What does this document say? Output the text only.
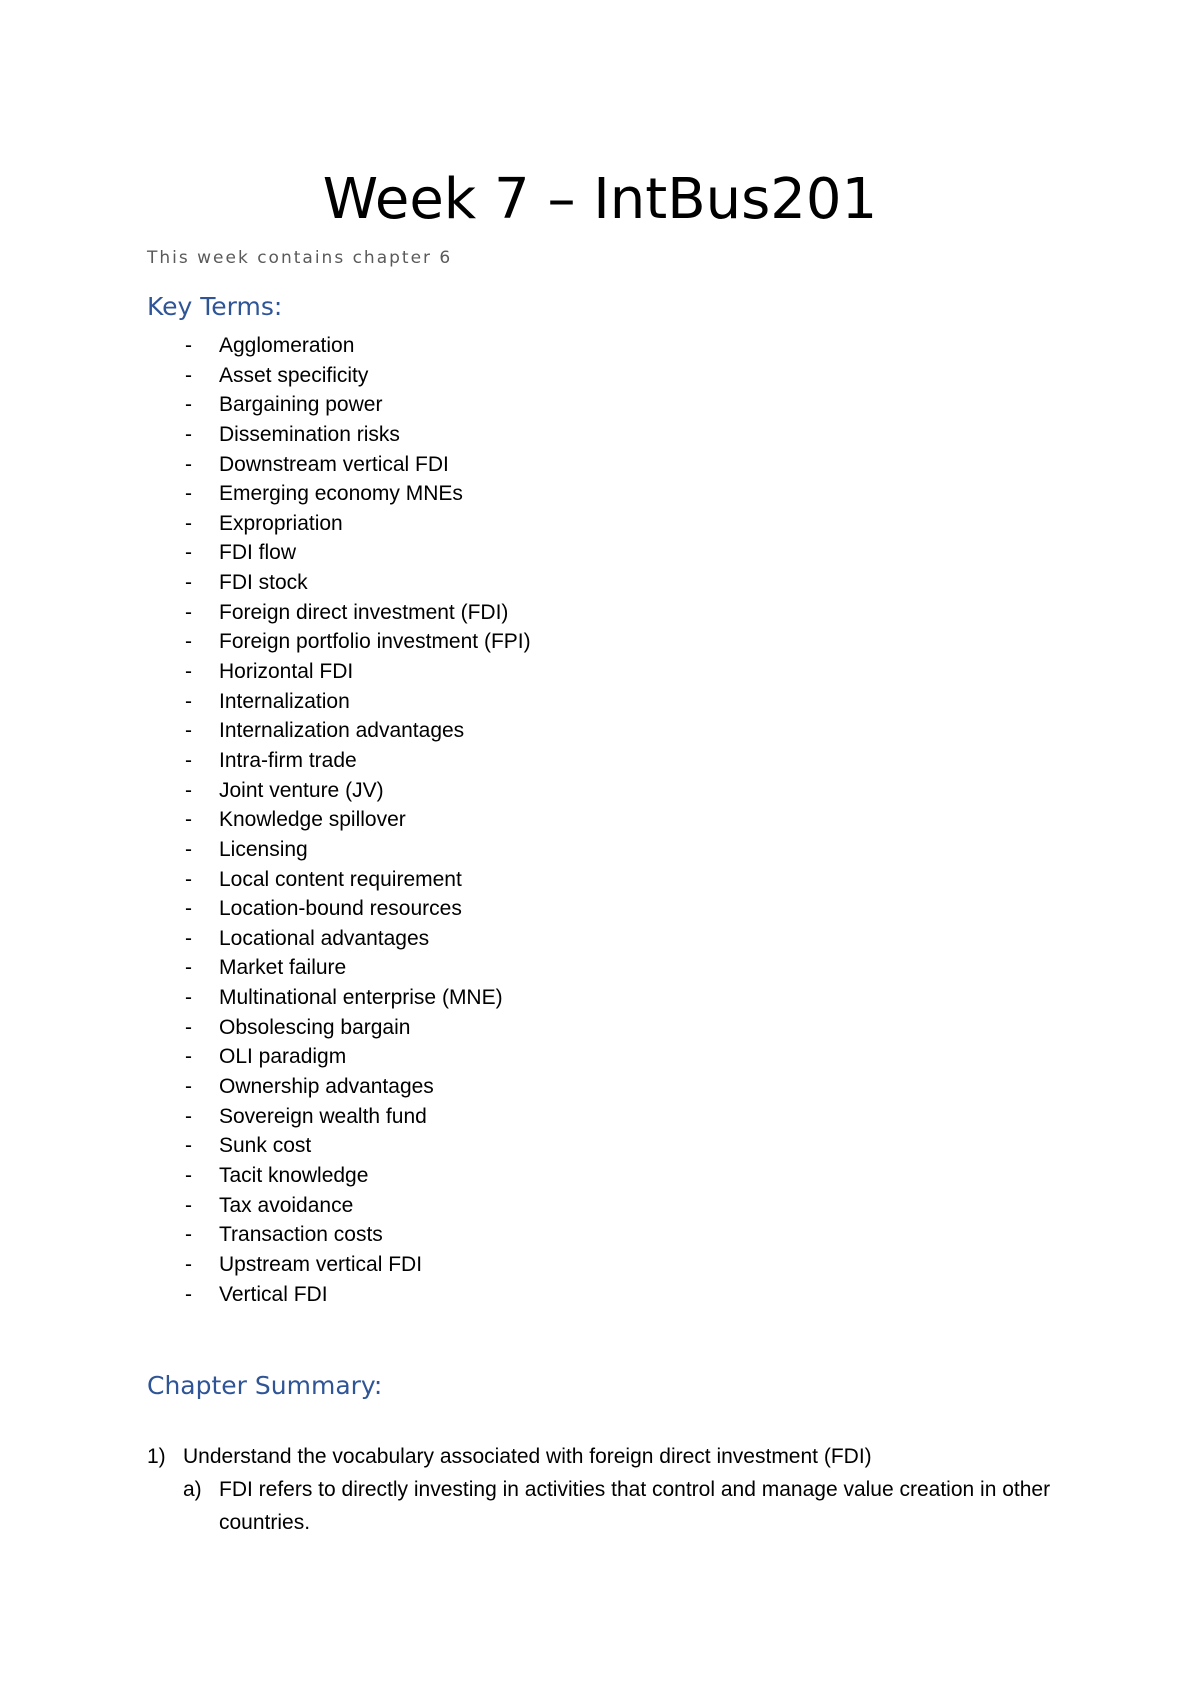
Week 7 – IntBus201

This week contains chapter 6

Key Terms:
- Agglomeration
- Asset specificity
- Bargaining power
- Dissemination risks
- Downstream vertical FDI
- Emerging economy MNEs
- Expropriation
- FDI flow
- FDI stock
- Foreign direct investment (FDI)
- Foreign portfolio investment (FPI)
- Horizontal FDI
- Internalization
- Internalization advantages
- Intra-firm trade
- Joint venture (JV)
- Knowledge spillover
- Licensing
- Local content requirement
- Location-bound resources
- Locational advantages
- Market failure
- Multinational enterprise (MNE)
- Obsolescing bargain
- OLI paradigm
- Ownership advantages
- Sovereign wealth fund
- Sunk cost
- Tacit knowledge
- Tax avoidance
- Transaction costs
- Upstream vertical FDI
- Vertical FDI
Chapter Summary:
1) Understand the vocabulary associated with foreign direct investment (FDI)
a) FDI refers to directly investing in activities that control and manage value creation in other countries.
